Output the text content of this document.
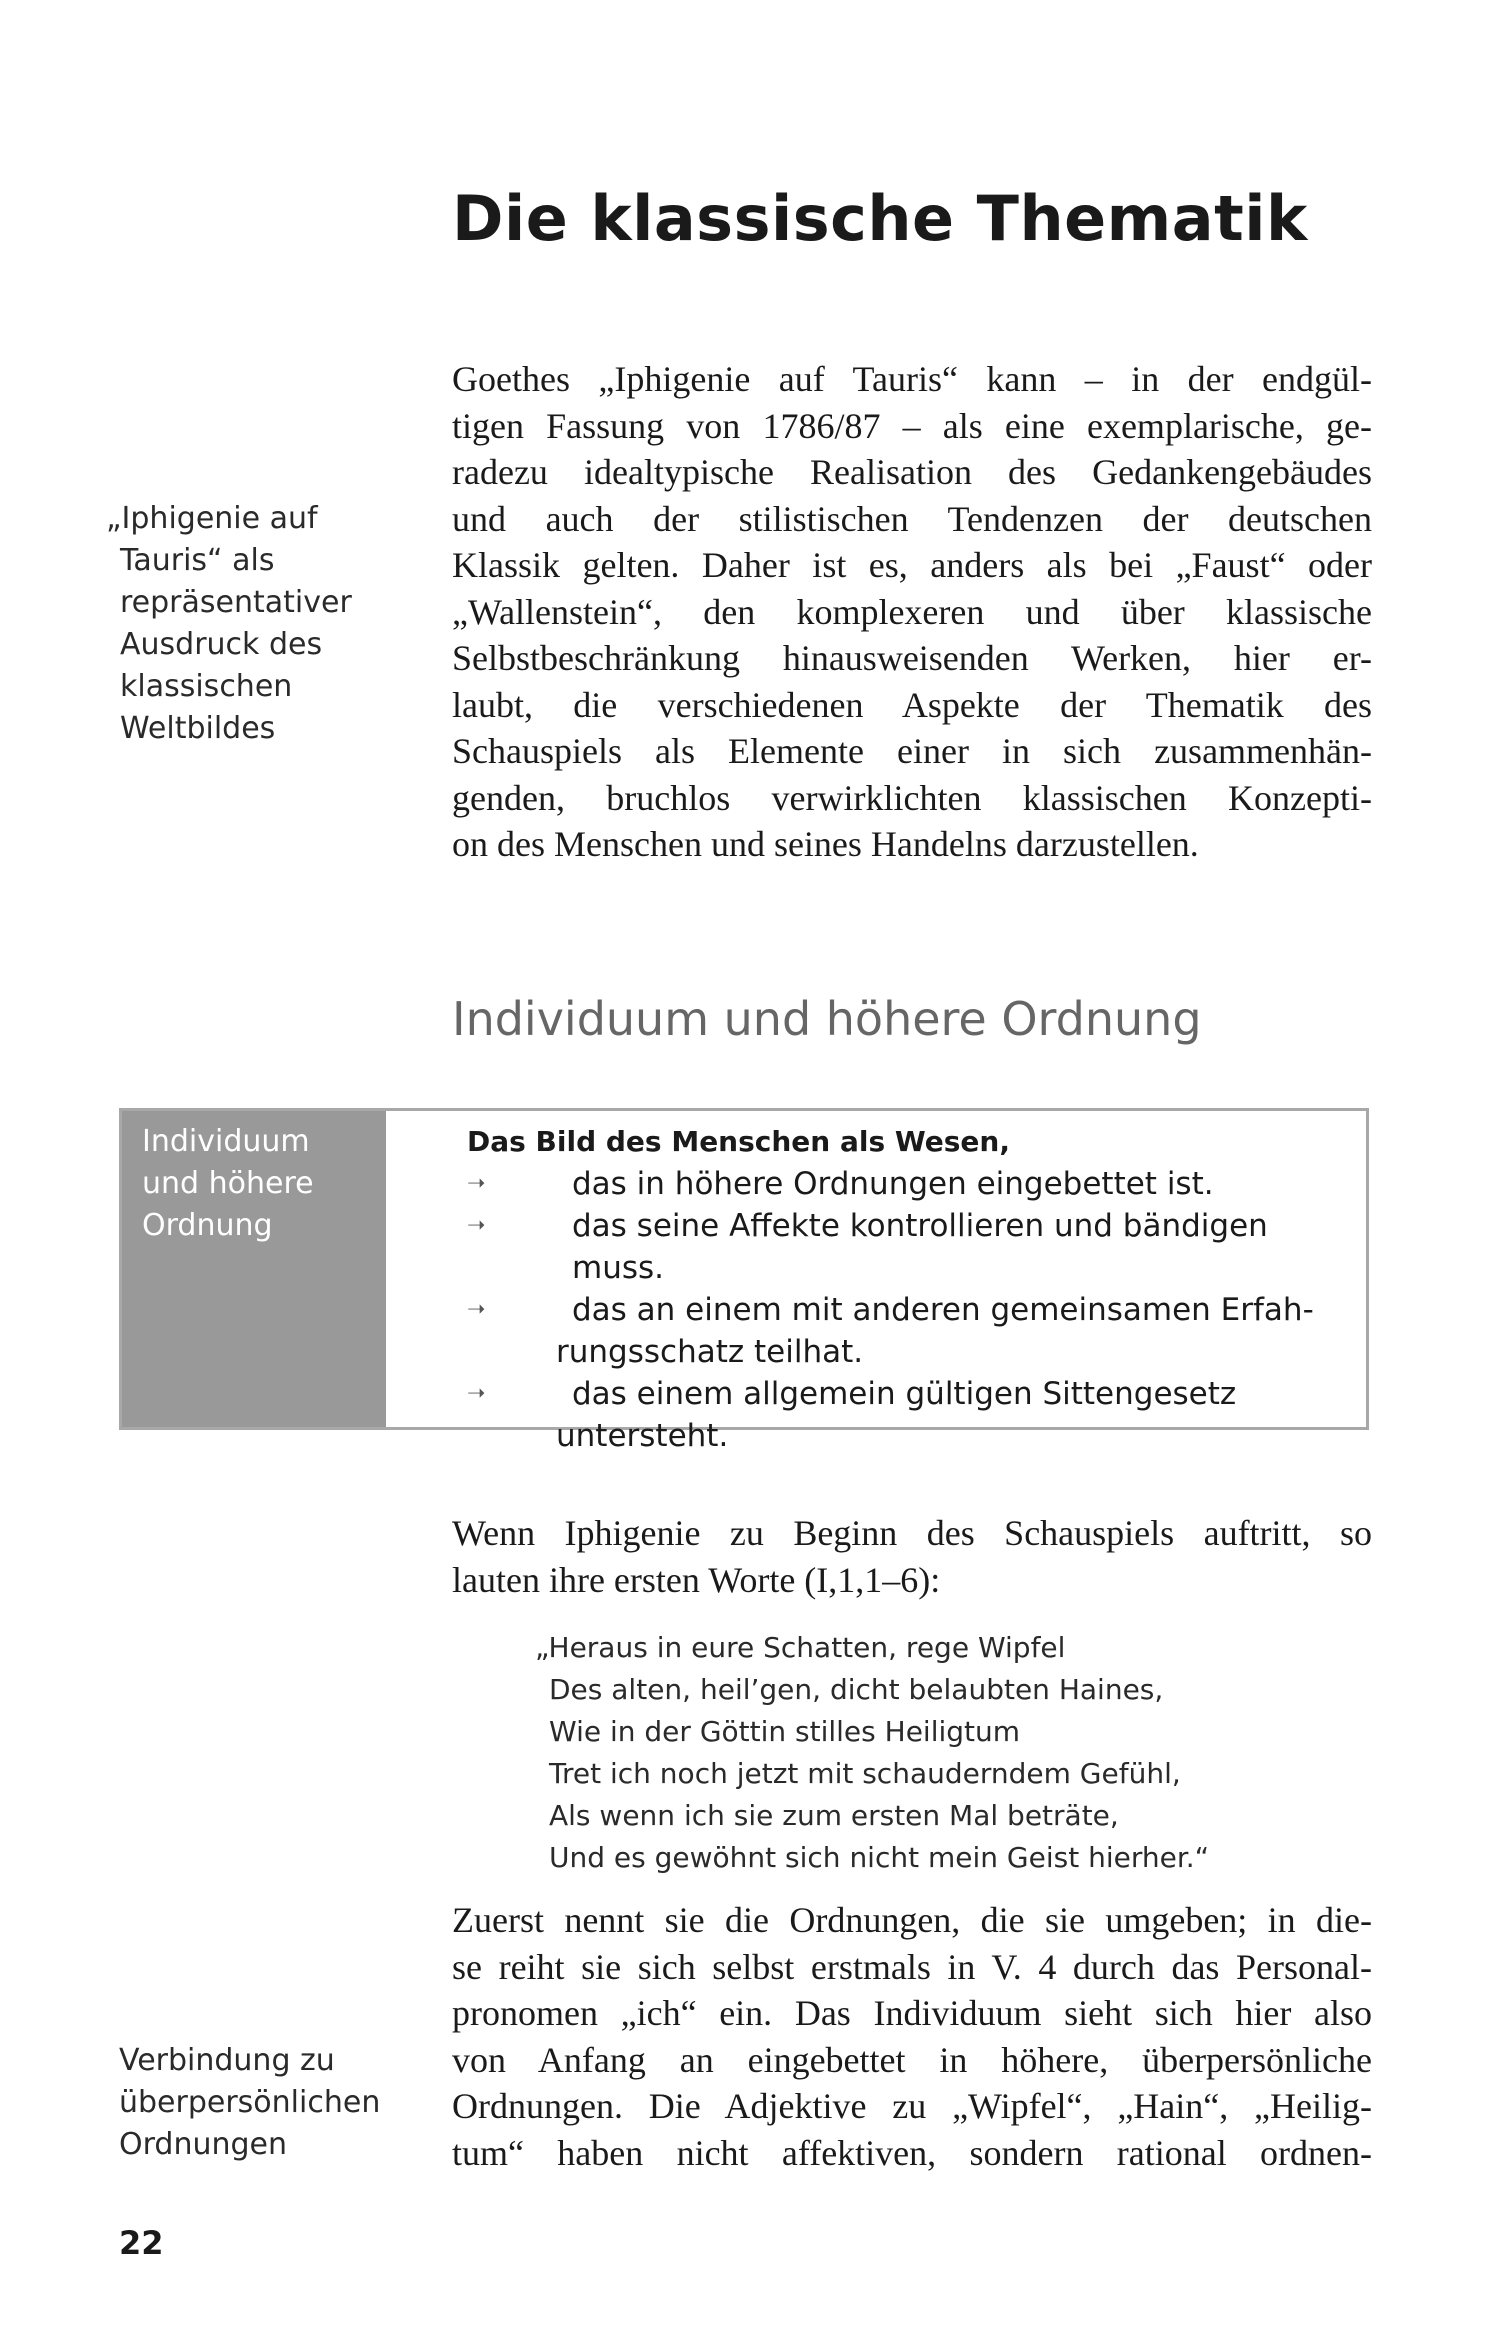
Die klassische Thematik
„Iphigenie auf
Tauris“ als
repräsentativer
Ausdruck des
klassischen
Weltbildes
Goethes „Iphigenie auf Tauris“ kann – in der endgül-
tigen Fassung von 1786/87 – als eine exemplarische, ge-
radezu idealtypische Realisation des Gedankengebäudes
und auch der stilistischen Tendenzen der deutschen
Klassik gelten. Daher ist es, anders als bei „Faust“ oder
„Wallenstein“, den komplexeren und über klassische
Selbstbeschränkung hinausweisenden Werken, hier er-
laubt, die verschiedenen Aspekte der Thematik des
Schauspiels als Elemente einer in sich zusammenhän-
genden, bruchlos verwirklichten klassischen Konzepti-
on des Menschen und seines Handelns darzustellen.
Individuum und höhere Ordnung
Individuum
und höhere
Ordnung
Das Bild des Menschen als Wesen,
➝	das in höhere Ordnungen eingebettet ist.
➝	das seine Affekte kontrollieren und bändigen muss.
➝	das an einem mit anderen gemeinsamen Erfah-
rungsschatz teilhat.
➝	das einem allgemein gültigen Sittengesetz
untersteht.
Wenn Iphigenie zu Beginn des Schauspiels auftritt, so
lauten ihre ersten Worte (I,1,1–6):
„Heraus in eure Schatten, rege Wipfel
Des alten, heil’gen, dicht belaubten Haines,
Wie in der Göttin stilles Heiligtum
Tret ich noch jetzt mit schauderndem Gefühl,
Als wenn ich sie zum ersten Mal beträte,
Und es gewöhnt sich nicht mein Geist hierher.“
Zuerst nennt sie die Ordnungen, die sie umgeben; in die-
se reiht sie sich selbst erstmals in V. 4 durch das Personal-
pronomen „ich“ ein. Das Individuum sieht sich hier also
von Anfang an eingebettet in höhere, überpersönliche
Ordnungen. Die Adjektive zu „Wipfel“, „Hain“, „Heilig-
tum“ haben nicht affektiven, sondern rational ordnen-
Verbindung zu
überpersönlichen
Ordnungen
22
